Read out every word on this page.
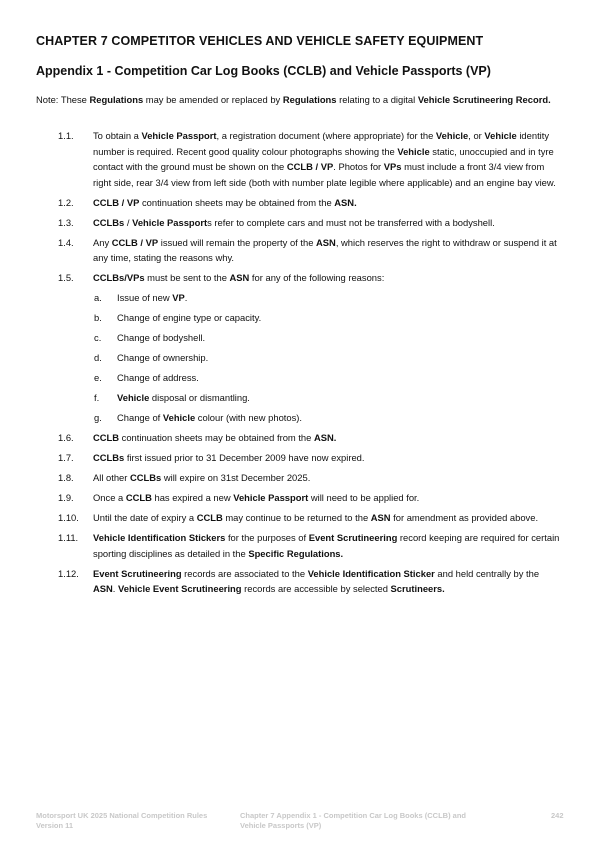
CHAPTER 7 COMPETITOR VEHICLES AND VEHICLE SAFETY EQUIPMENT
Appendix 1 - Competition Car Log Books (CCLB) and Vehicle Passports (VP)
Note: These Regulations may be amended or replaced by Regulations relating to a digital Vehicle Scrutineering Record.
1.1. To obtain a Vehicle Passport, a registration document (where appropriate) for the Vehicle, or Vehicle identity number is required. Recent good quality colour photographs showing the Vehicle static, unoccupied and in tyre contact with the ground must be shown on the CCLB / VP. Photos for VPs must include a front 3/4 view from right side, rear 3/4 view from left side (both with number plate legible where applicable) and an engine bay view.
1.2. CCLB / VP continuation sheets may be obtained from the ASN.
1.3. CCLBs / Vehicle Passports refer to complete cars and must not be transferred with a bodyshell.
1.4. Any CCLB / VP issued will remain the property of the ASN, which reserves the right to withdraw or suspend it at any time, stating the reasons why.
1.5. CCLBs/VPs must be sent to the ASN for any of the following reasons:
a. Issue of new VP.
b. Change of engine type or capacity.
c. Change of bodyshell.
d. Change of ownership.
e. Change of address.
f. Vehicle disposal or dismantling.
g. Change of Vehicle colour (with new photos).
1.6. CCLB continuation sheets may be obtained from the ASN.
1.7. CCLBs first issued prior to 31 December 2009 have now expired.
1.8. All other CCLBs will expire on 31st December 2025.
1.9. Once a CCLB has expired a new Vehicle Passport will need to be applied for.
1.10. Until the date of expiry a CCLB may continue to be returned to the ASN for amendment as provided above.
1.11. Vehicle Identification Stickers for the purposes of Event Scrutineering record keeping are required for certain sporting disciplines as detailed in the Specific Regulations.
1.12. Event Scrutineering records are associated to the Vehicle Identification Sticker and held centrally by the ASN. Vehicle Event Scrutineering records are accessible by selected Scrutineers.
Motorsport UK 2025 National Competition Rules
Version 11
Chapter 7 Appendix 1 - Competition Car Log Books (CCLB) and
Vehicle Passports (VP)
242
